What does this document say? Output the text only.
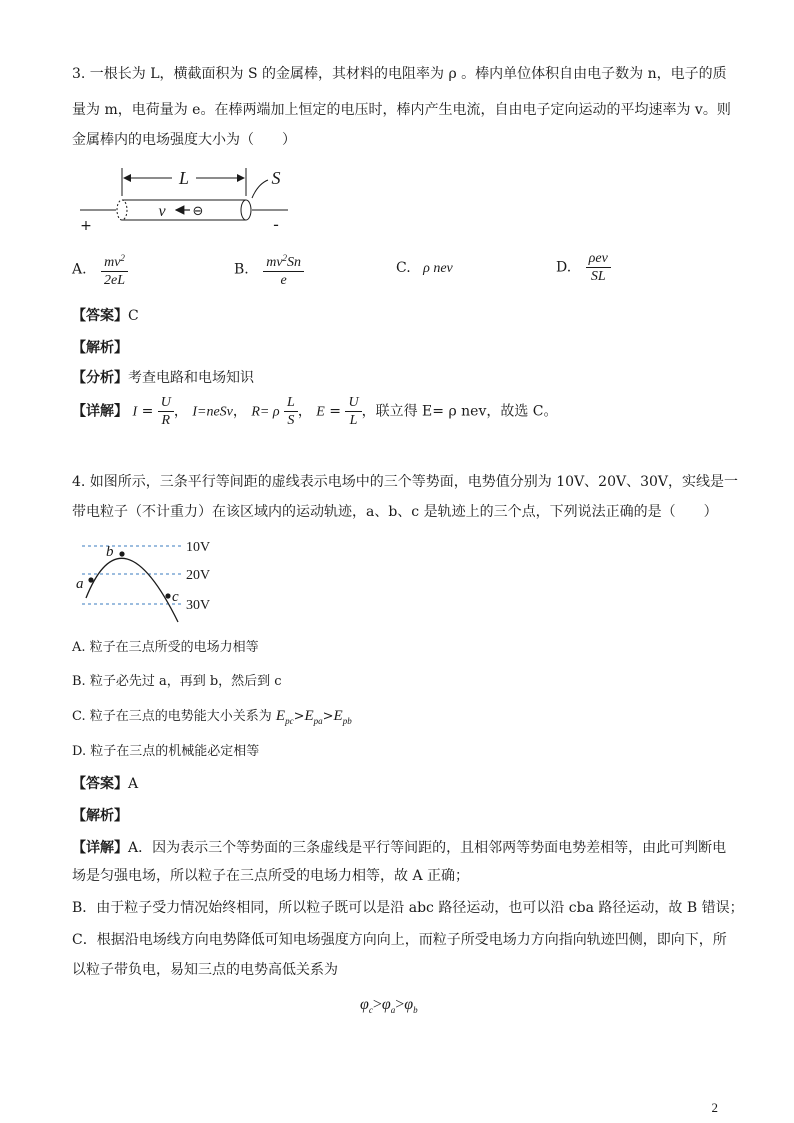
3. 一根长为 L，横截面积为 S 的金属棒，其材料的电阻率为 ρ 。棒内单位体积自由电子数为 n，电子的质
量为 m，电荷量为 e。在棒两端加上恒定的电压时，棒内产生电流，自由电子定向运动的平均速率为 v。则
金属棒内的电场强度大小为（　　）
L	S
v ⊖
+	-
A. $\frac{mv^2}{2eL}$	B. $\frac{mv^2Sn}{e}$	C. ρ nev	D. $\frac{\text{ρev}}{SL}$
【答案】C
【解析】
【分析】考查电路和电场知识
【详解】 $I = \frac{U}{R}$ ， I=neSv， R= ρ $\frac{L}{S}$ ， $E = \frac{U}{L}$ ，联立得 E= ρ nev，故选 C。
4. 如图所示，三条平行等间距的虚线表示电场中的三个等势面，电势值分别为 10V、20V、30V，实线是一
带电粒子（不计重力）在该区域内的运动轨迹，a、b、c 是轨迹上的三个点，下列说法正确的是（　　）
10V
20V
30V
a
b
c
A. 粒子在三点所受的电场力相等
B. 粒子必先过 a，再到 b，然后到 c
C. 粒子在三点的电势能大小关系为 $E_{pc}>E_{pa}>E_{pb}$
D. 粒子在三点的机械能必定相等
【答案】A
【解析】
【详解】A．因为表示三个等势面的三条虚线是平行等间距的，且相邻两等势面电势差相等，由此可判断电
场是匀强电场，所以粒子在三点所受的电场力相等，故 A 正确；
B．由于粒子受力情况始终相同，所以粒子既可以是沿 abc 路径运动，也可以沿 cba 路径运动，故 B 错误；
C．根据沿电场线方向电势降低可知电场强度方向向上，而粒子所受电场力方向指向轨迹凹侧，即向下，所
以粒子带负电，易知三点的电势高低关系为
$\varphi_c>\varphi_a>\varphi_b$
2
